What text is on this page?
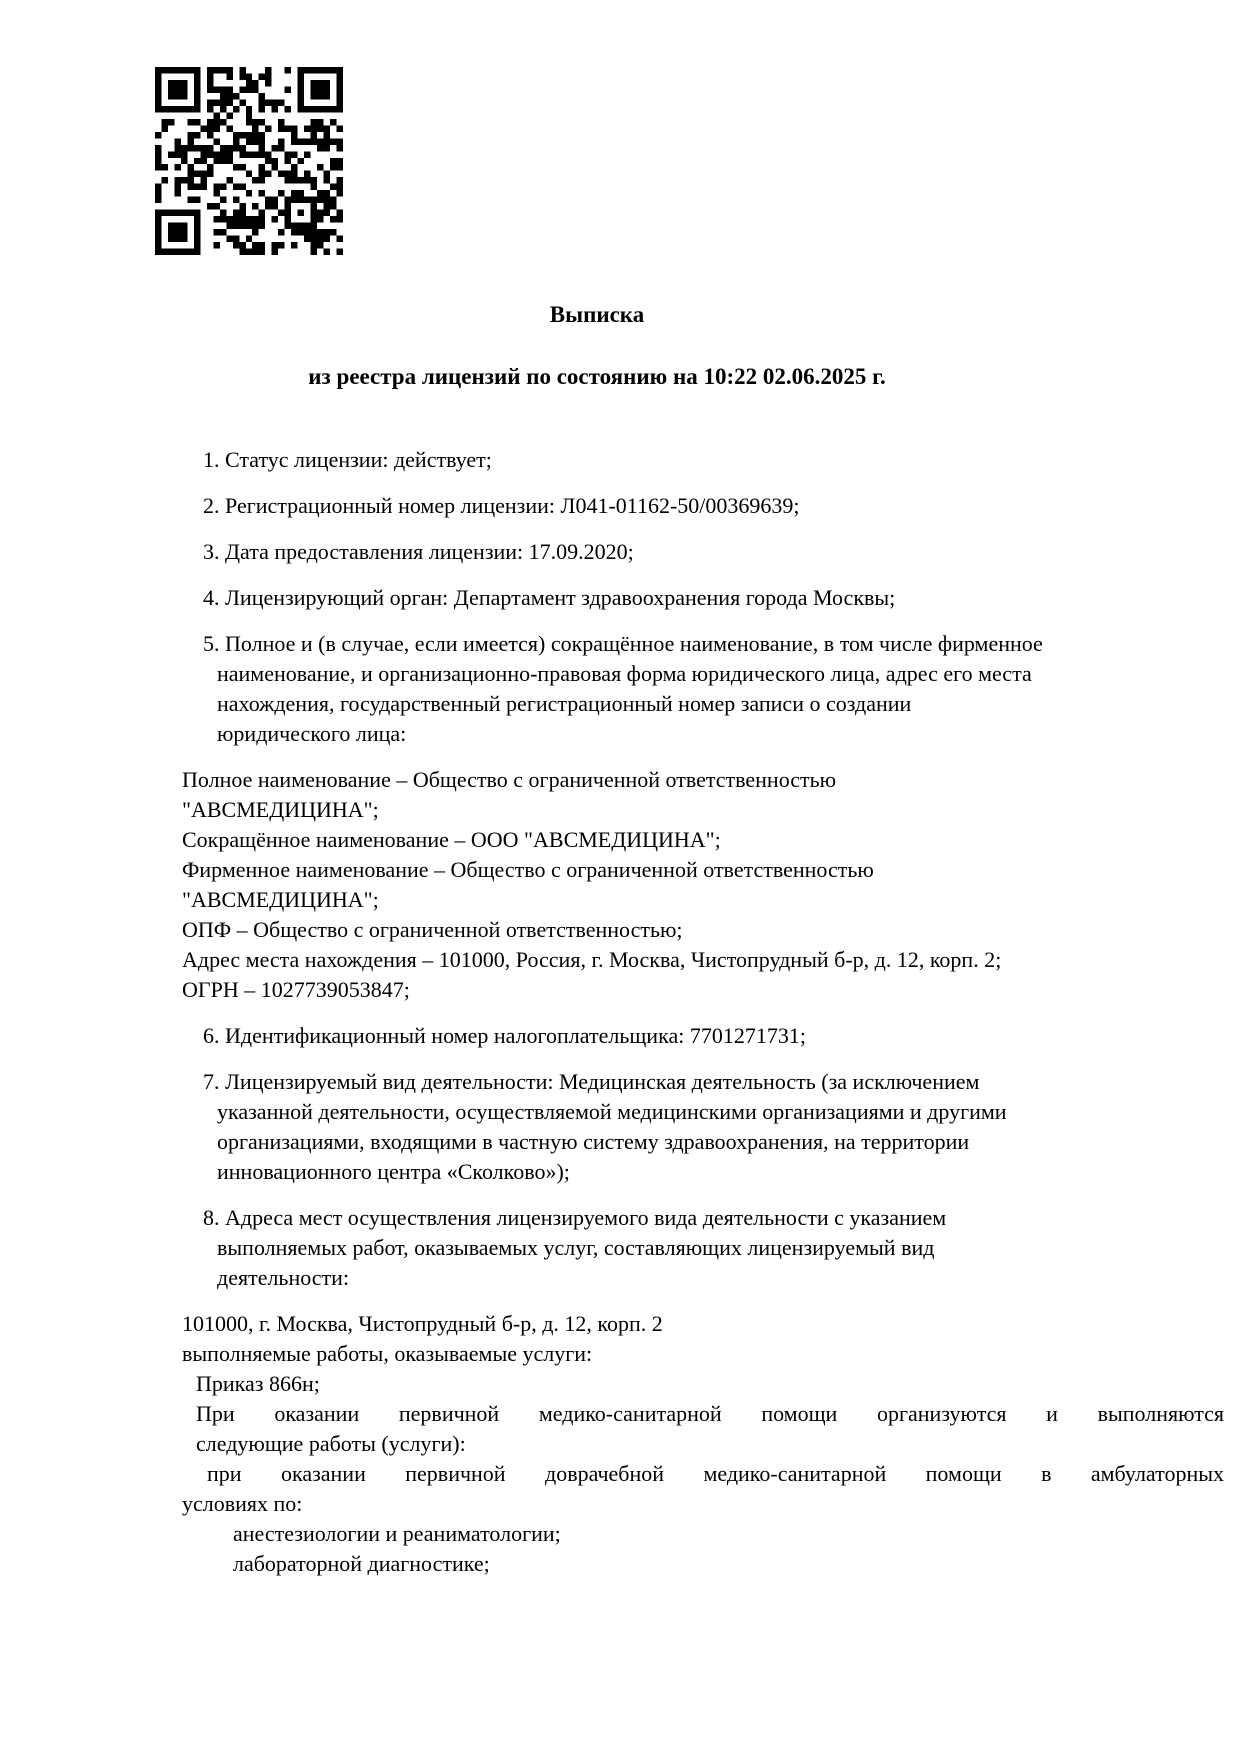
Выписка
из реестра лицензий по состоянию на 10:22 02.06.2025 г.
1. Статус лицензии: действует;
2. Регистрационный номер лицензии: Л041-01162-50/00369639;
3. Дата предоставления лицензии: 17.09.2020;
4. Лицензирующий орган: Департамент здравоохранения города Москвы;
5. Полное и (в случае, если имеется) сокращённое наименование, в том числе фирменное
наименование, и организационно-правовая форма юридического лица, адрес его места
нахождения, государственный регистрационный номер записи о создании
юридического лица:
Полное наименование – Общество с ограниченной ответственностью
"АВСМЕДИЦИНА";
Сокращённое наименование – ООО "АВСМЕДИЦИНА";
Фирменное наименование – Общество с ограниченной ответственностью
"АВСМЕДИЦИНА";
ОПФ – Общество с ограниченной ответственностью;
Адрес места нахождения – 101000, Россия, г. Москва, Чистопрудный б-р, д. 12, корп. 2;
ОГРН – 1027739053847;
6. Идентификационный номер налогоплательщика: 7701271731;
7. Лицензируемый вид деятельности: Медицинская деятельность (за исключением
указанной деятельности, осуществляемой медицинскими организациями и другими
организациями, входящими в частную систему здравоохранения, на территории
инновационного центра «Сколково»);
8. Адреса мест осуществления лицензируемого вида деятельности с указанием
выполняемых работ, оказываемых услуг, составляющих лицензируемый вид
деятельности:
101000, г. Москва, Чистопрудный б-р, д. 12, корп. 2
выполняемые работы, оказываемые услуги:
Приказ 866н;
При оказании первичной медико-санитарной помощи организуются и выполняются
следующие работы (услуги):
при оказании первичной доврачебной медико-санитарной помощи в амбулаторных
условиях по:
анестезиологии и реаниматологии;
лабораторной диагностике;
